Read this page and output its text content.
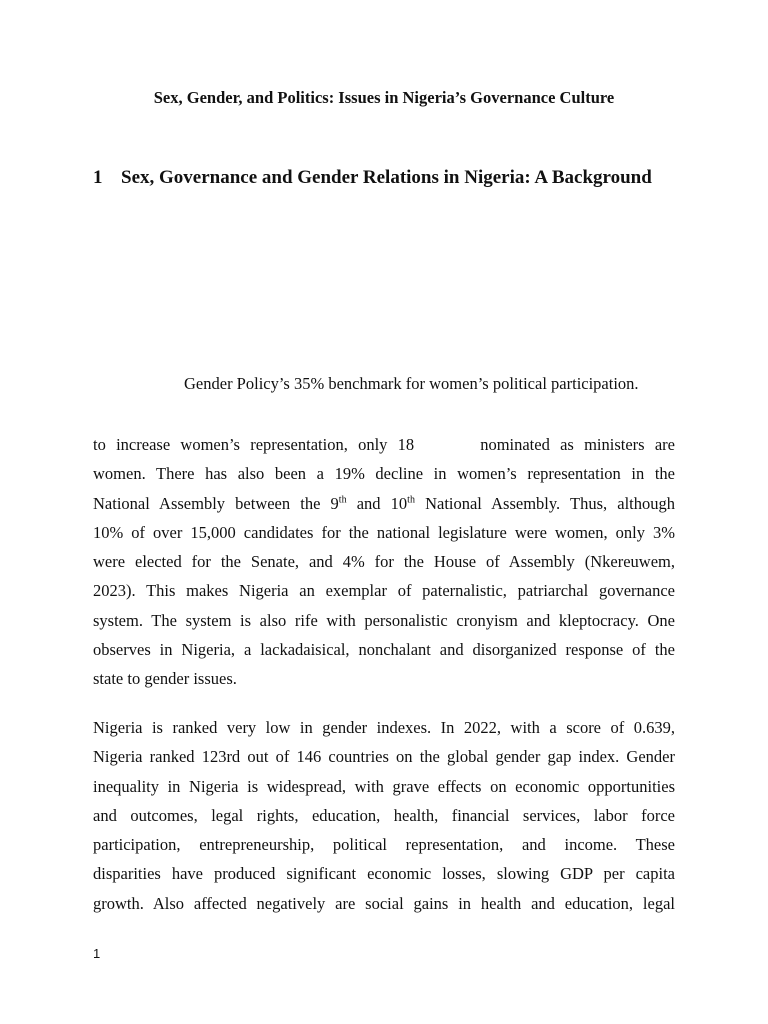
Sex, Gender, and Politics: Issues in Nigeria’s Governance Culture
1 Sex, Governance and Gender Relations in Nigeria: A Background
Gender Policy’s 35% benchmark for women’s political participation.

to increase women’s representation, only 18	nominated as ministers are
women. There has also been a 19% decline in women’s representation in the
National Assembly between the 9th and 10th National Assembly. Thus, although
10% of over 15,000 candidates for the national legislature were women, only 3%
were elected for the Senate, and 4% for the House of Assembly (Nkereuwem,
2023). This makes Nigeria an exemplar of paternalistic, patriarchal governance
system. The system is also rife with personalistic cronyism and kleptocracy. One
observes in Nigeria, a lackadaisical, nonchalant and disorganized response of the
state to gender issues.

Nigeria is ranked very low in gender indexes. In 2022, with a score of 0.639,
Nigeria ranked 123rd out of 146 countries on the global gender gap index. Gender
inequality in Nigeria is widespread, with grave effects on economic opportunities
and outcomes, legal rights, education, health, financial services, labor force
participation, entrepreneurship, political representation, and income. These
disparities have produced significant economic losses, slowing GDP per capita
growth. Also affected negatively are social gains in health and education, legal

1
